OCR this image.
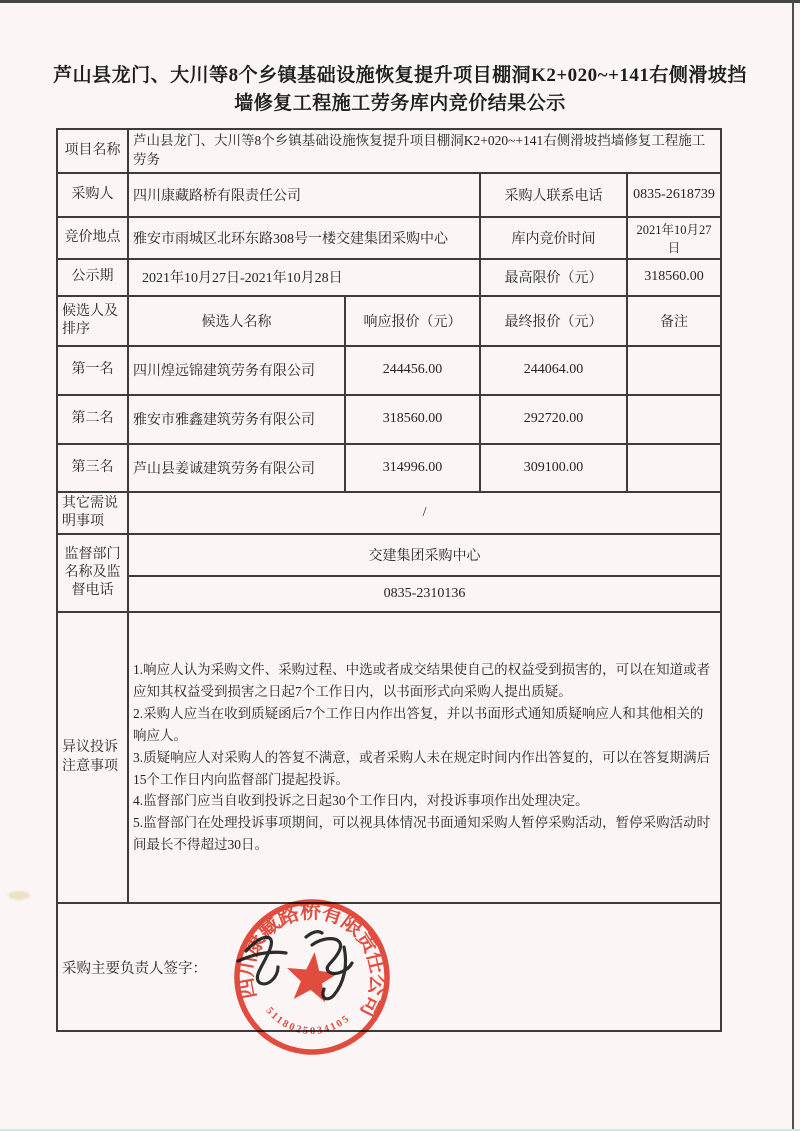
芦山县龙门、大川等8个乡镇基础设施恢复提升项目棚洞K2+020~+141右侧滑坡挡墙修复工程施工劳务库内竞价结果公示
项目名称	芦山县龙门、大川等8个乡镇基础设施恢复提升项目棚洞K2+020~+141右侧滑坡挡墙修复工程施工劳务			
采购人	四川康藏路桥有限责任公司		采购人联系电话	0835-2618739
竞价地点	雅安市雨城区北环东路308号一楼交建集团采购中心		库内竞价时间	2021年10月27日
公示期	2021年10月27日-2021年10月28日		最高限价（元）	318560.00
候选人及排序	候选人名称	响应报价（元）	最终报价（元）	备注
第一名	四川煌远锦建筑劳务有限公司	244456.00	244064.00	
第二名	雅安市雅鑫建筑劳务有限公司	318560.00	292720.00	
第三名	芦山县姜诚建筑劳务有限公司	314996.00	309100.00	
其它需说明事项	/			
监督部门名称及监督电话	交建集团采购中心			
	0835-2310136			
异议投诉注意事项	1.响应人认为采购文件、采购过程、中选或者成交结果使自己的权益受到损害的，可以在知道或者应知其权益受到损害之日起7个工作日内，以书面形式向采购人提出质疑。
2.采购人应当在收到质疑函后7个工作日内作出答复，并以书面形式通知质疑响应人和其他相关的响应人。
3.质疑响应人对采购人的答复不满意，或者采购人未在规定时间内作出答复的，可以在答复期满后15个工作日内向监督部门提起投诉。
4.监督部门应当自收到投诉之日起30个工作日内，对投诉事项作出处理决定。
5.监督部门在处理投诉事项期间，可以视具体情况书面通知采购人暂停采购活动，暂停采购活动时间最长不得超过30日。			

采购主要负责人签字：				
四川康藏路桥有限责任公司
5118025034105
